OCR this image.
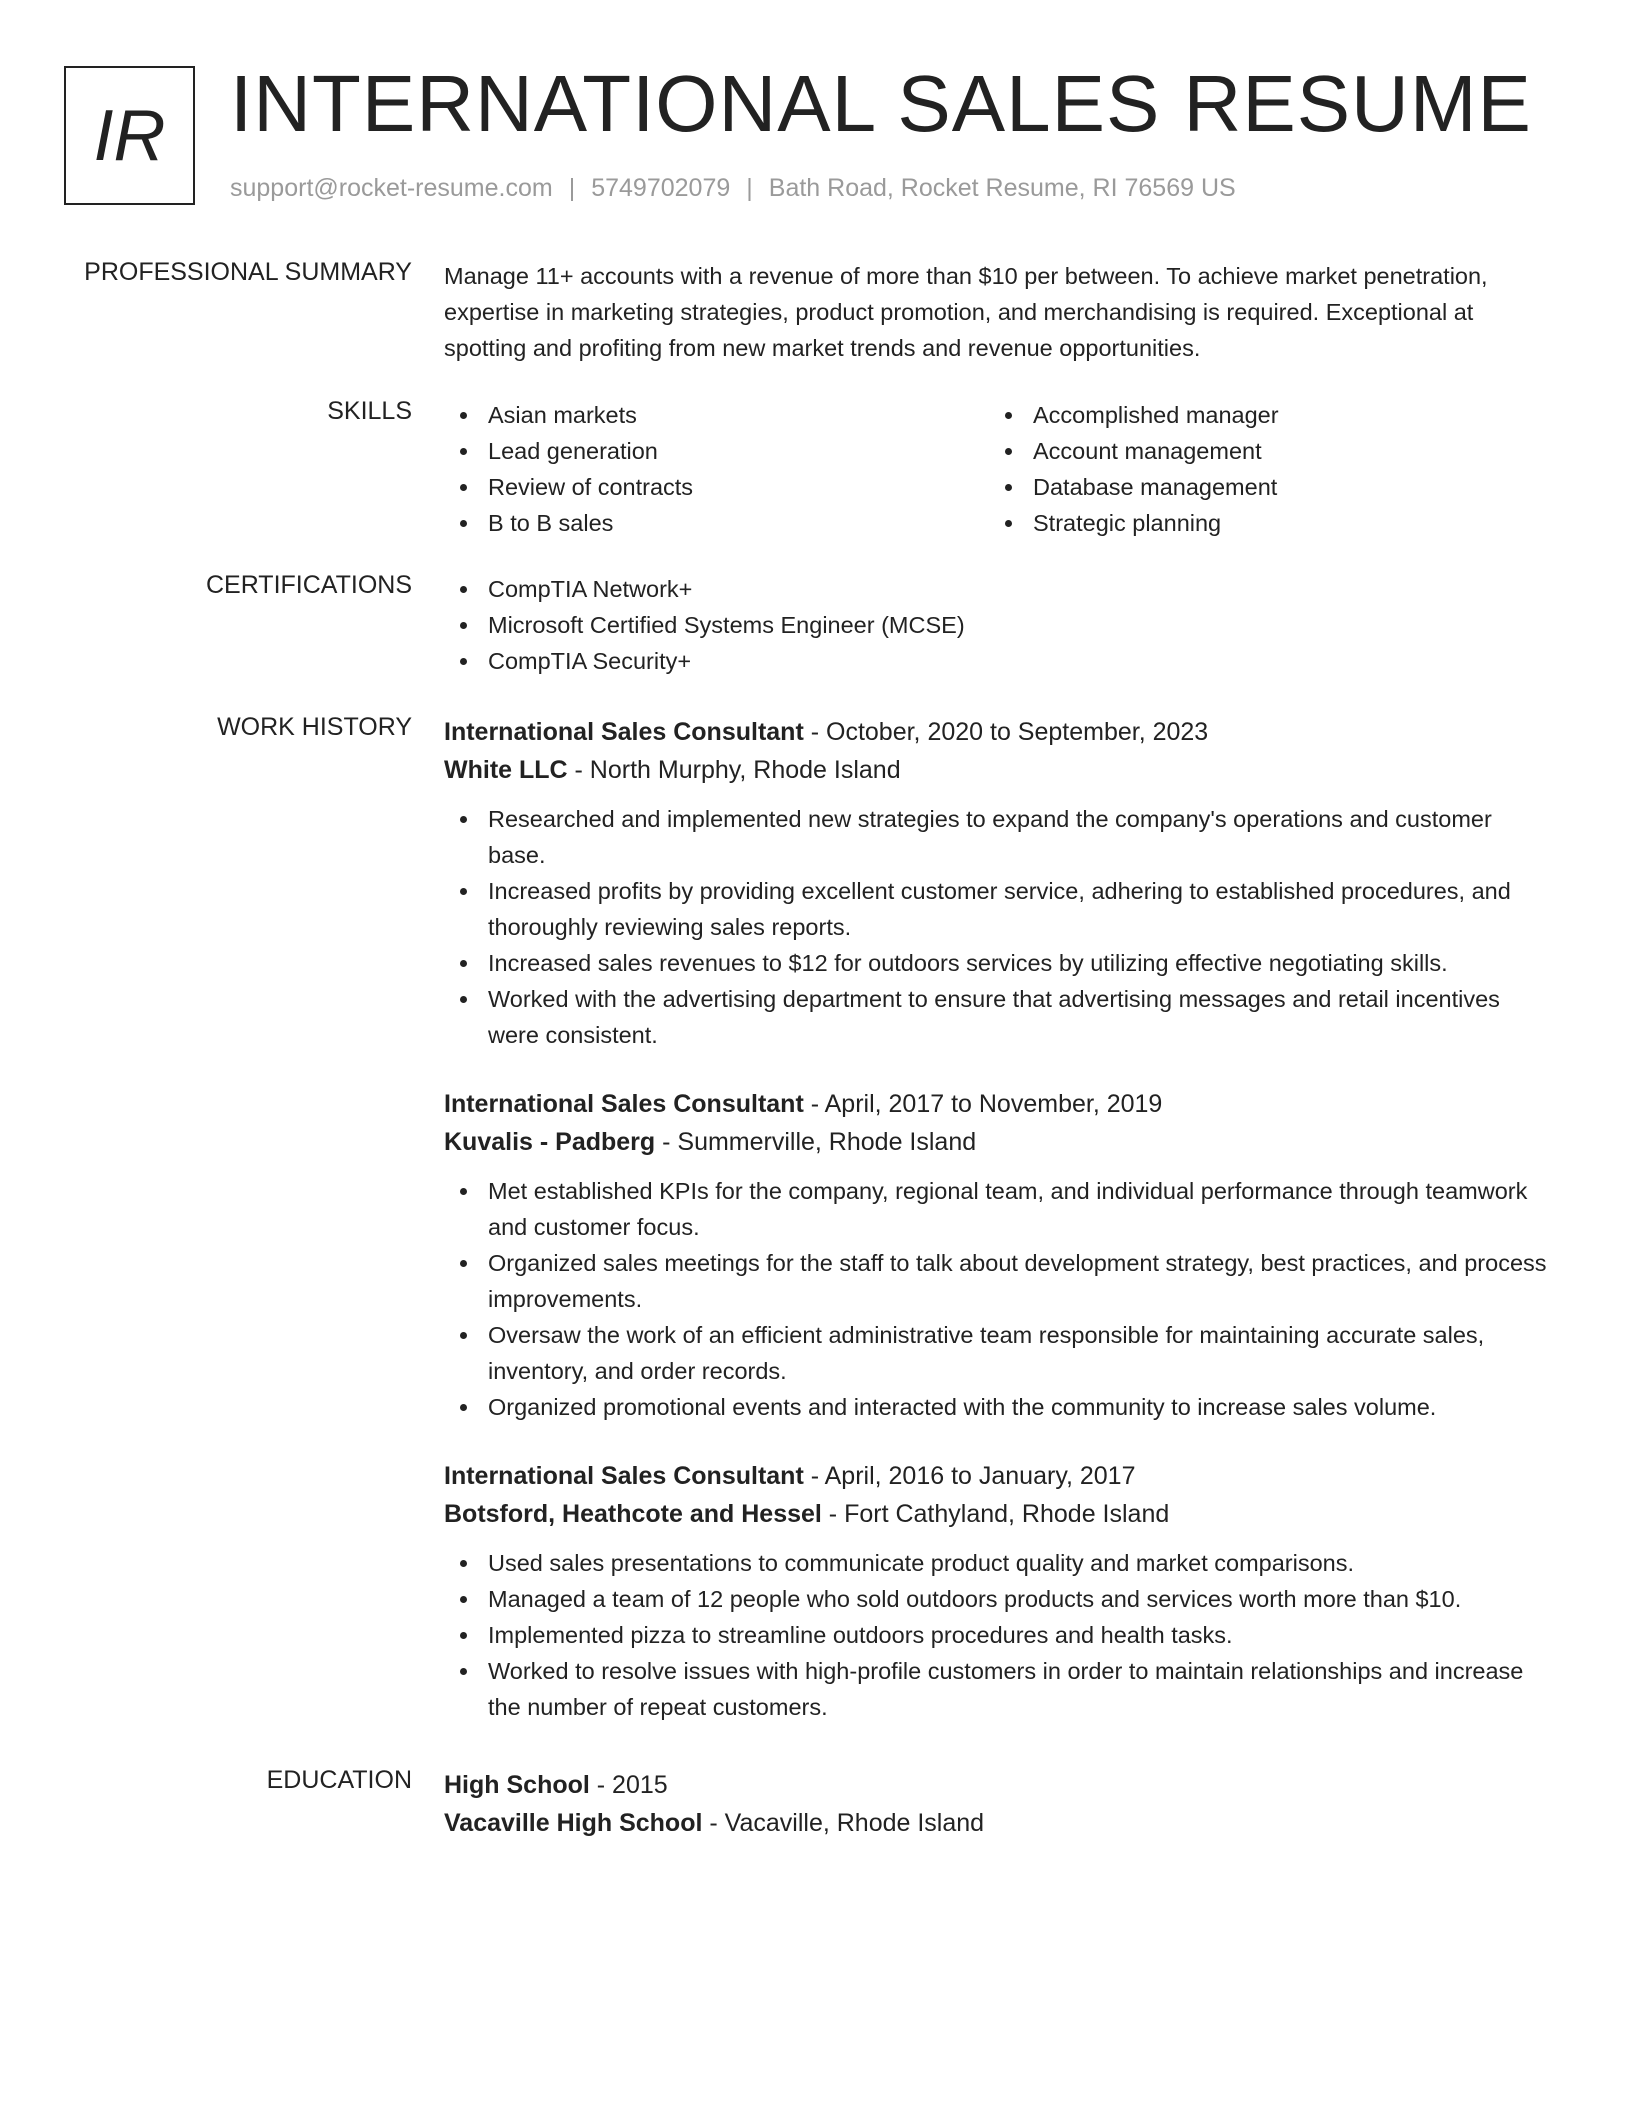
IR INTERNATIONAL SALES RESUME
support@rocket-resume.com | 5749702079 | Bath Road, Rocket Resume, RI 76569 US
PROFESSIONAL SUMMARY Manage 11+ accounts with a revenue of more than $10 per between. To achieve market penetration, expertise in marketing strategies, product promotion, and merchandising is required. Exceptional at spotting and profiting from new market trends and revenue opportunities.
SKILLS	Asian markets
Lead generation
Review of contracts
B to B sales
Accomplished manager
Account management
Database management
Strategic planning
CERTIFICATIONS	CompTIA Network+
Microsoft Certified Systems Engineer (MCSE)
CompTIA Security+
WORK HISTORY International Sales Consultant - October, 2020 to September, 2023
White LLC - North Murphy, Rhode Island
Researched and implemented new strategies to expand the company's operations and customer base.
Increased profits by providing excellent customer service, adhering to established procedures, and thoroughly reviewing sales reports.
Increased sales revenues to $12 for outdoors services by utilizing effective negotiating skills.
Worked with the advertising department to ensure that advertising messages and retail incentives were consistent.
International Sales Consultant - April, 2017 to November, 2019
Kuvalis - Padberg - Summerville, Rhode Island
Met established KPIs for the company, regional team, and individual performance through teamwork and customer focus.
Organized sales meetings for the staff to talk about development strategy, best practices, and process improvements.
Oversaw the work of an efficient administrative team responsible for maintaining accurate sales, inventory, and order records.
Organized promotional events and interacted with the community to increase sales volume.
International Sales Consultant - April, 2016 to January, 2017
Botsford, Heathcote and Hessel - Fort Cathyland, Rhode Island
Used sales presentations to communicate product quality and market comparisons.
Managed a team of 12 people who sold outdoors products and services worth more than $10.
Implemented pizza to streamline outdoors procedures and health tasks.
Worked to resolve issues with high-profile customers in order to maintain relationships and increase the number of repeat customers.
EDUCATION High School - 2015
Vacaville High School - Vacaville, Rhode Island
